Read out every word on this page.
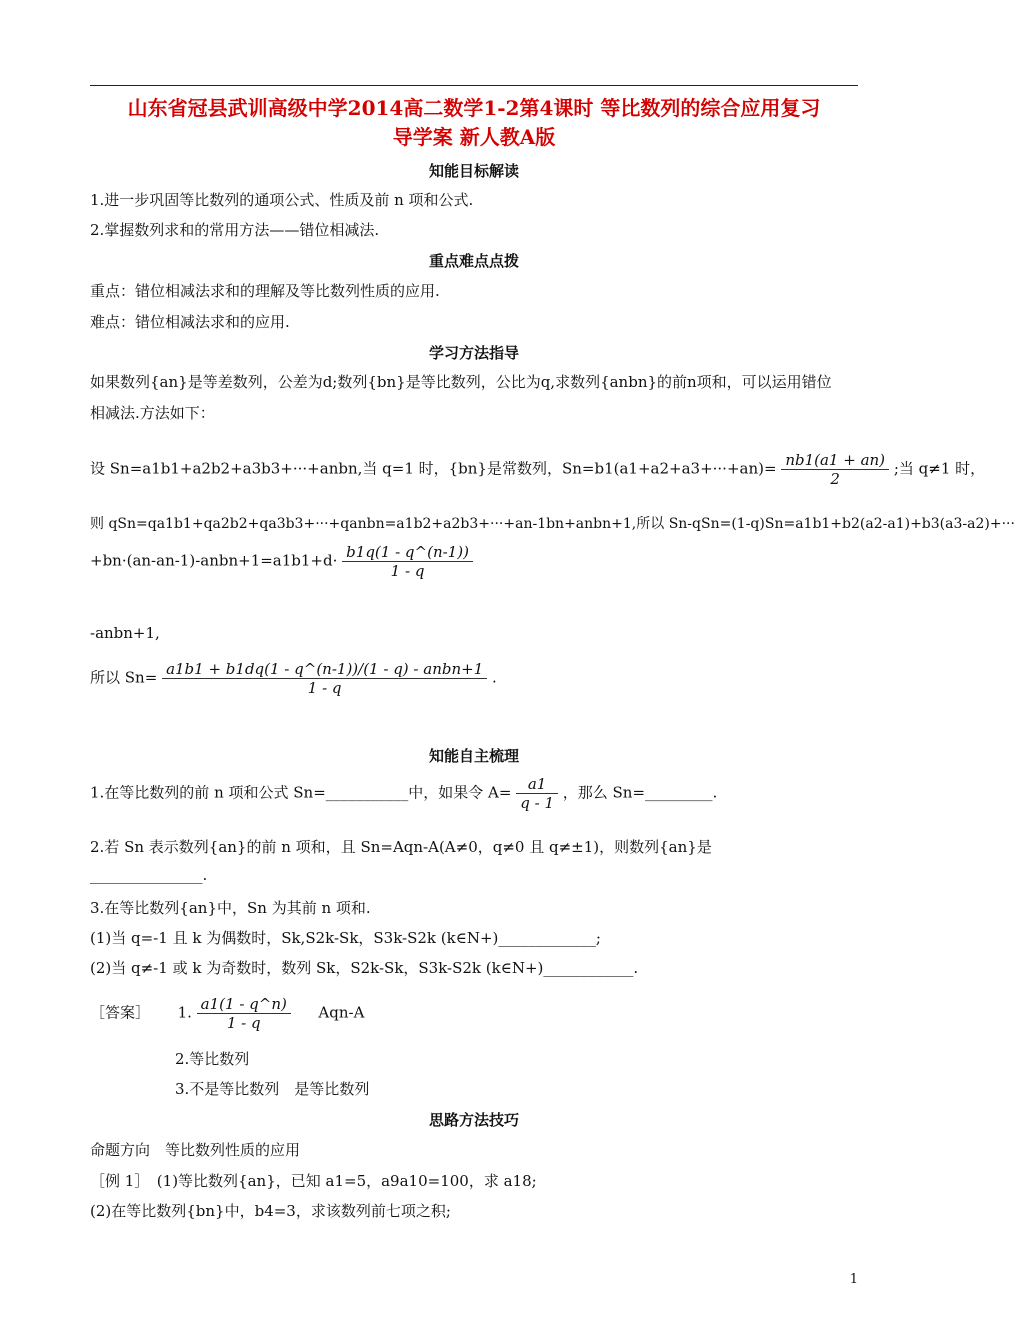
山东省冠县武训高级中学2014高二数学1-2第4课时 等比数列的综合应用复习
导学案 新人教A版
知能目标解读
1.进一步巩固等比数列的通项公式、性质及前 n 项和公式.
2.掌握数列求和的常用方法——错位相减法.
重点难点点拨
重点：错位相减法求和的理解及等比数列性质的应用.
难点：错位相减法求和的应用.
学习方法指导
如果数列{an}是等差数列，公差为d;数列{bn}是等比数列，公比为q,求数列{anbn}的前n项和，可以运用错位
相减法.方法如下：
设 Sn=a1b1+a2b2+a3b3+···+anbn,当 q=1 时，{bn}是常数列，$Sn=b1(a1+a2+a3+\cdot\cdot\cdot+an)= \frac{nb1(a1 + an)}{2}$ ;当 q≠1 时，
则 qSn=qa1b1+qa2b2+qa3b3+···+qanbn=a1b2+a2b3+···+an-1bn+anbn+1,所以 Sn-qSn=(1-q)Sn=a1b1+b2(a2-a1)+b3(a3-a2)+···
+bn·(an-an-1)-anbn+1=a1b1+d· $\frac{b1q(1 - q\^{}(n-1))}{1 - q}$
-anbn+1,
所以 $Sn= \frac{\text{a1b1 + b1dq(1 - q\textasciicircum{}(n-1))/(1 - q) - anbn+1}}{1 - q}$ .
知能自主梳理
1.在等比数列的前 n 项和公式 Sn=___________中，如果令 $A= \frac{a1}{q - 1}$ ，那么 Sn=_________.
2.若 Sn 表示数列{an}的前 n 项和，且 Sn=Aqn-A(A≠0，q≠0 且 q≠±1)，则数列{an}是
_______________.
3.在等比数列{an}中，Sn 为其前 n 项和.
(1)当 q=-1 且 k 为偶数时，Sk,S2k-Sk，S3k-S2k (k∈N+)_____________;
(2)当 q≠-1 或 k 为奇数时，数列 Sk，S2k-Sk，S3k-S2k (k∈N+)____________.
［答案］ 1. $\frac{a1(1 - q\^{}n)}{1 - q} Aqn-A$
2.等比数列
3.不是等比数列　是等比数列
思路方法技巧
命题方向　等比数列性质的应用
［例 1］　(1)等比数列{an}，已知 a1=5，a9a10=100，求 a18;
(2)在等比数列{bn}中，b4=3，求该数列前七项之积;
1
